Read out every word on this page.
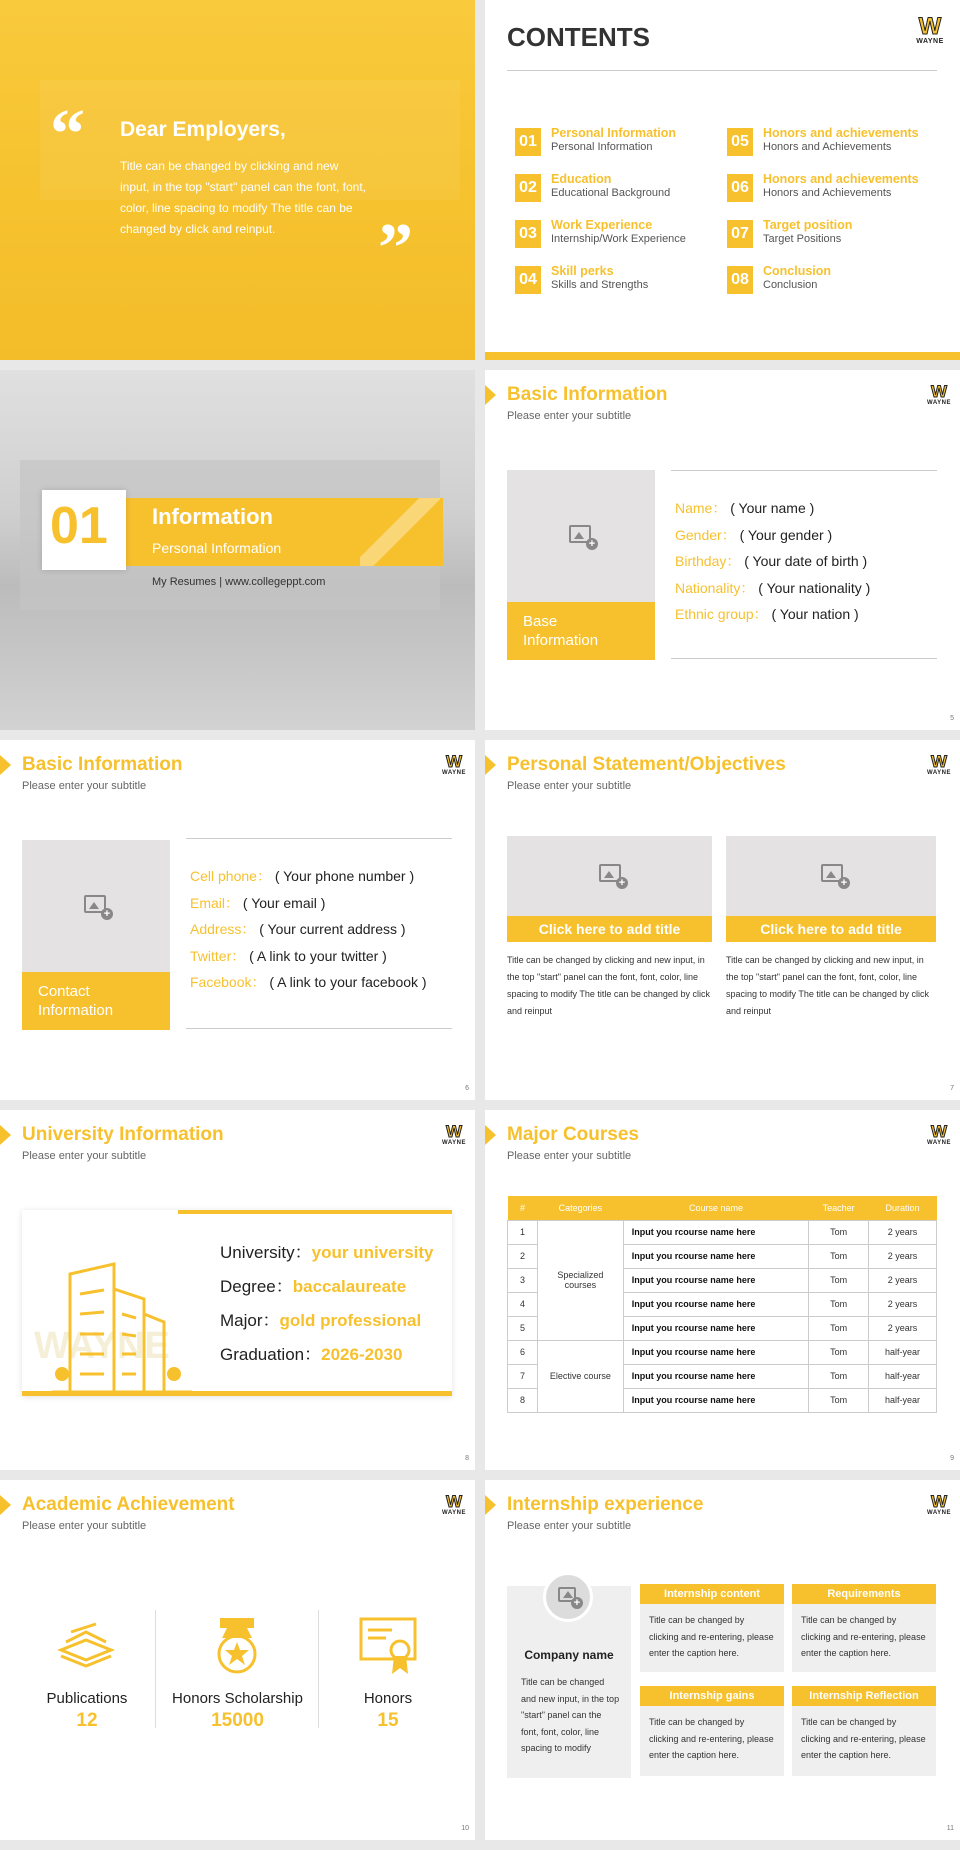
“ Dear Employers,
Title can be changed by clicking and new input, in the top "start" panel can the font, font, color, line spacing to modify The title can be changed by click and reinput.	”
CONTENTS	W
WAYNE
01	Personal Information
Personal Information
02	Education
Educational Background
03	Work Experience
Internship/Work Experience
04	Skill perks
Skills and Strengths
05	Honors and achievements
Honors and Achievements
06	Honors and achievements
Honors and Achievements
07	Target position
Target Positions
08	Conclusion
Conclusion
01 Information
Personal Information
My Resumes | www.collegeppt.com
Basic Information
Please enter your subtitle
W
WAYNE
+
Base Information
Name： ( Your name )
Gender： ( Your gender )
Birthday： ( Your date of birth )
Nationality： ( Your nationality )
Ethnic group： ( Your nation )
5
Basic Information
Please enter your subtitle
W
WAYNE
+
Contact Information
Cell phone： ( Your phone number )
Email： ( Your email )
Address： ( Your current address )
Twitter： ( A link to your twitter )
Facebook： ( A link to your facebook )
6
Personal Statement/Objectives
Please enter your subtitle
W
WAYNE
+
Click here to add title
Title can be changed by clicking and new input, in the top "start" panel can the font, font, color, line spacing to modify The title can be changed by click and reinput
+
Click here to add title
Title can be changed by clicking and new input, in the top "start" panel can the font, font, color, line spacing to modify The title can be changed by click and reinput
7
University Information
Please enter your subtitle
W
WAYNE
WAYNE
University：your university
Degree：baccalaureate
Major：gold professional
Graduation：2026-2030
8
Major Courses
Please enter your subtitle
W
WAYNE
#	Categories	Course name	Teacher	Duration
1	Specialized courses	Input you rcourse name here	Tom	2 years
2		Input you rcourse name here	Tom	2 years
3		Input you rcourse name here	Tom	2 years
4		Input you rcourse name here	Tom	2 years
5		Input you rcourse name here	Tom	2 years
6	Elective course	Input you rcourse name here	Tom	half-year
7		Input you rcourse name here	Tom	half-year
8		Input you rcourse name here	Tom	half-year
9
Academic Achievement
Please enter your subtitle
W
WAYNE
Publications
12
Honors Scholarship
15000
Honors
15
10
Internship experience
Please enter your subtitle
W
WAYNE
+
Company name
Title can be changed and new input, in the top "start" panel can the font, font, color, line spacing to modify
Internship content
Title can be changed by clicking and re-entering, please enter the caption here.
Requirements
Title can be changed by clicking and re-entering, please enter the caption here.
Internship gains
Title can be changed by clicking and re-entering, please enter the caption here.
Internship Reflection
Title can be changed by clicking and re-entering, please enter the caption here.
11
